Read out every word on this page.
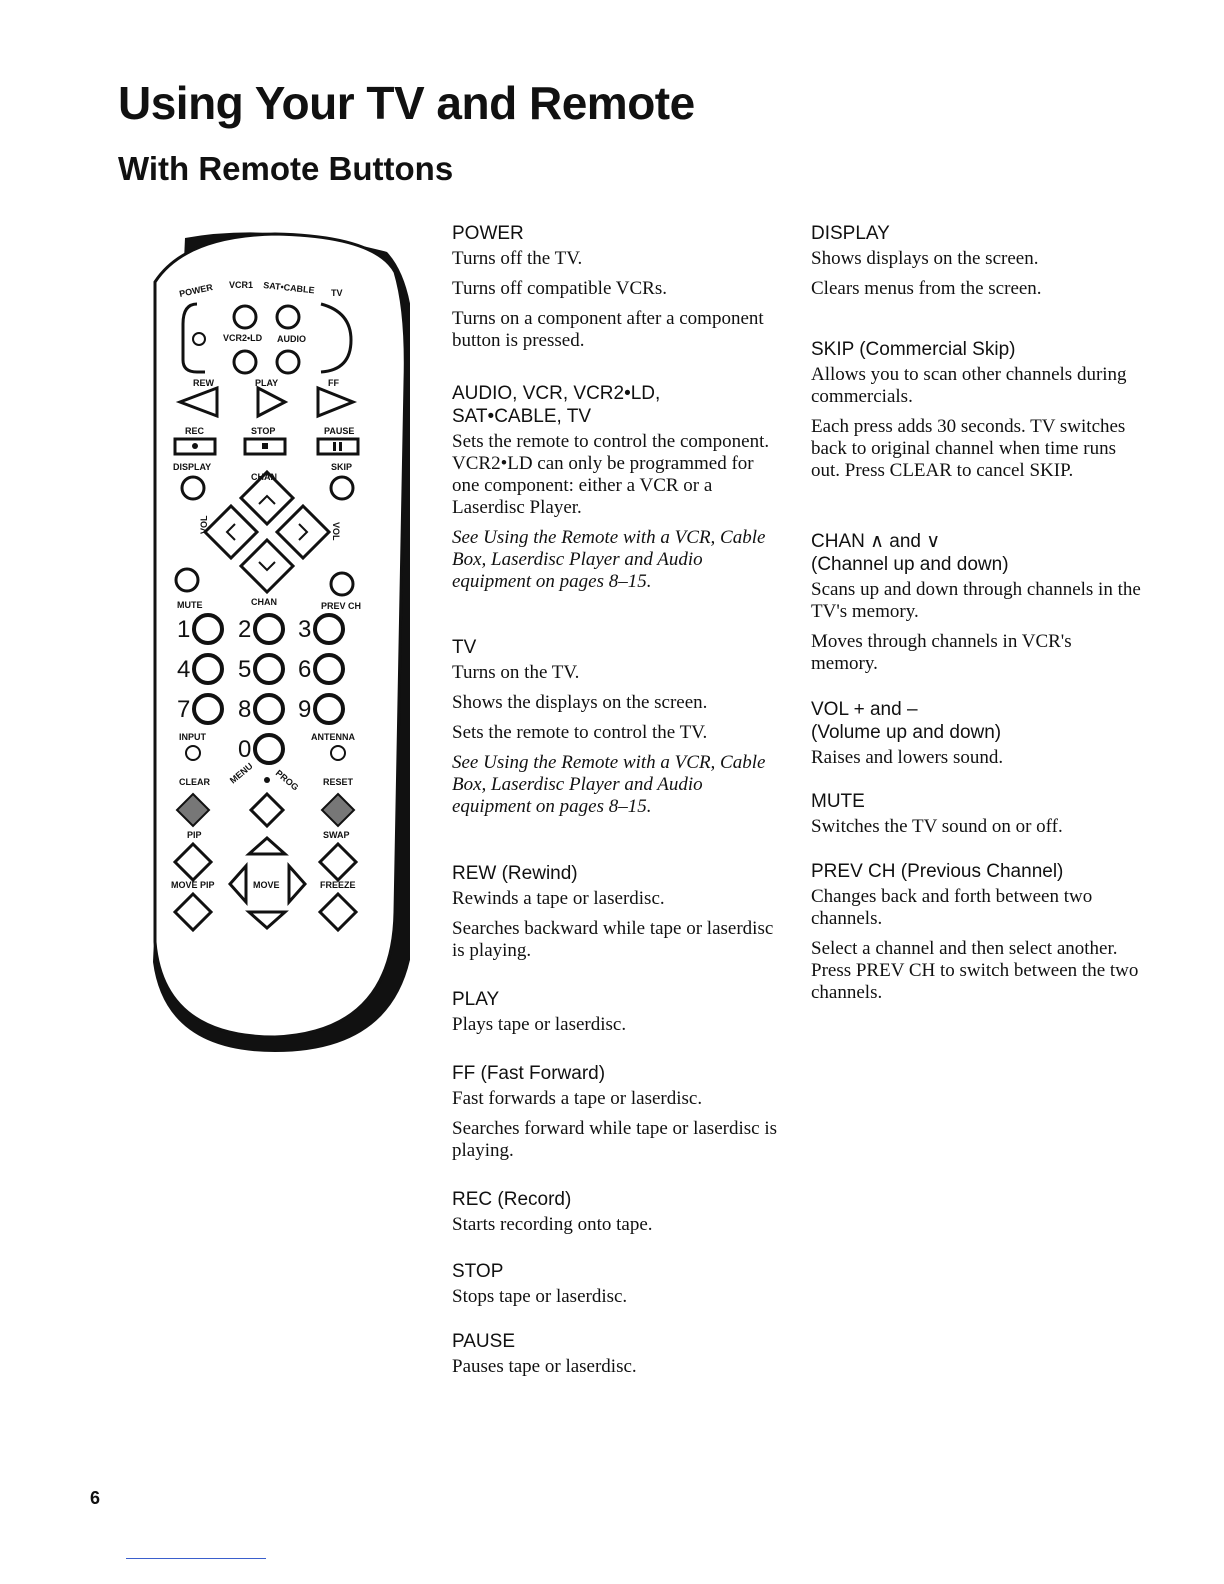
Using Your TV and Remote
With Remote Buttons
POWER VCR1 SAT•CABLE TV
VCR2•LD AUDIO
REW	PLAY	FF
REC	STOP	PAUSE
DISPLAY
CHAN
SKIP
VOL	VOL
MUTE	CHAN	PREV CH
1 2 3
4 5 6
7 8 9
0
INPUT	ANTENNA
CLEAR MENU PROG	RESET
PIP	SWAP
MOVE
MOVE PIP	FREEZE
POWER
Turns off the TV.
Turns off compatible VCRs.
Turns on a component after a component button is pressed.
AUDIO, VCR, VCR2•LD,
SAT•CABLE, TV
Sets the remote to control the component. VCR2•LD can only be programmed for one component: either a VCR or a Laserdisc Player.
See Using the Remote with a VCR, Cable Box, Laserdisc Player and Audio equipment on pages 8–15.
TV
Turns on the TV.
Shows the displays on the screen.
Sets the remote to control the TV.
See Using the Remote with a VCR, Cable Box, Laserdisc Player and Audio equipment on pages 8–15.
REW (Rewind)
Rewinds a tape or laserdisc.
Searches backward while tape or laserdisc is playing.
PLAY
Plays tape or laserdisc.
FF (Fast Forward)
Fast forwards a tape or laserdisc.
Searches forward while tape or laserdisc is playing.
REC (Record)
Starts recording onto tape.
STOP
Stops tape or laserdisc.
PAUSE
Pauses tape or laserdisc.
DISPLAY
Shows displays on the screen.
Clears menus from the screen.
SKIP (Commercial Skip)
Allows you to scan other channels during commercials.
Each press adds 30 seconds. TV switches back to original channel when time runs out. Press CLEAR to cancel SKIP.
CHAN ∧ and ∨
(Channel up and down)
Scans up and down through channels in the TV's memory.
Moves through channels in VCR's memory.
VOL + and –
(Volume up and down)
Raises and lowers sound.
MUTE
Switches the TV sound on or off.
PREV CH (Previous Channel)
Changes back and forth between two channels.
Select a channel and then select another. Press PREV CH to switch between the two channels.
6
